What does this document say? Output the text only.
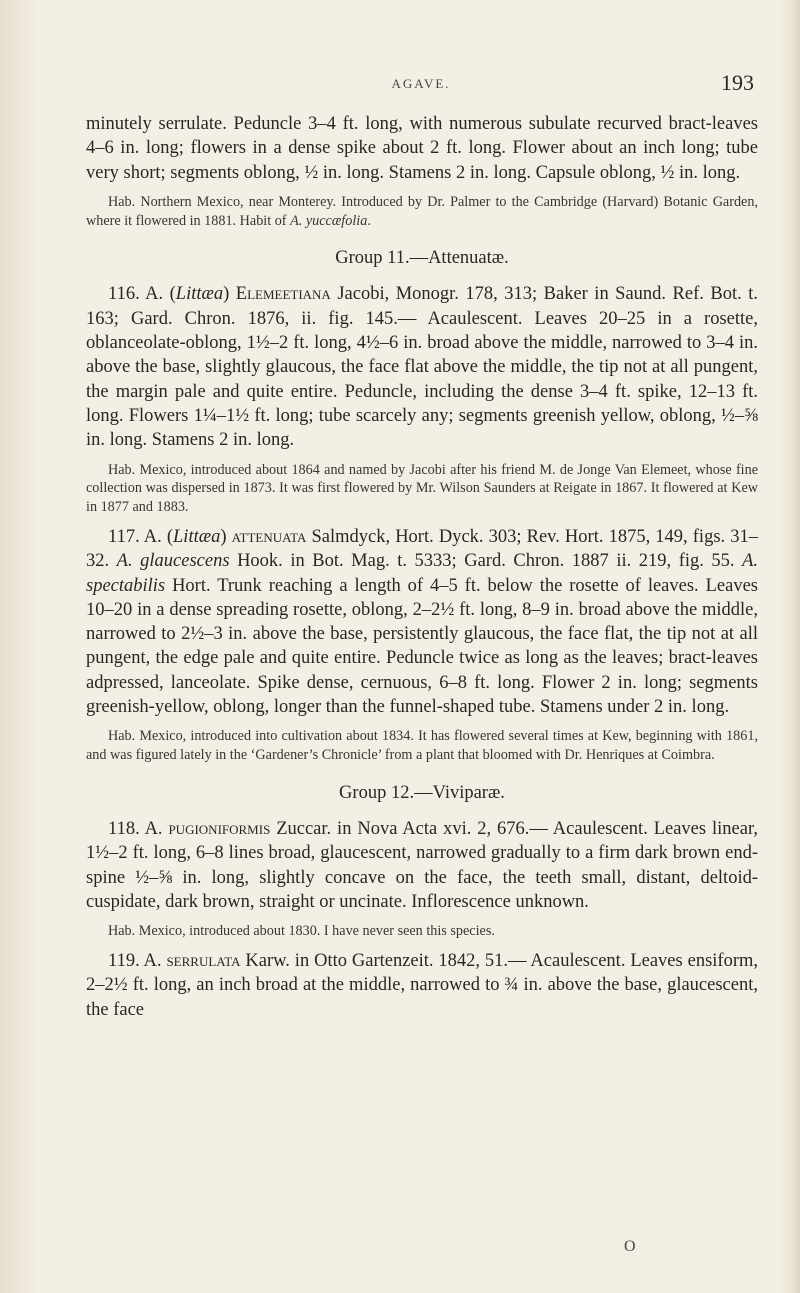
AGAVE.	193

minutely serrulate. Peduncle 3–4 ft. long, with numerous subulate recurved bract-leaves 4–6 in. long; flowers in a dense spike about 2 ft. long. Flower about an inch long; tube very short; segments oblong, ½ in. long. Stamens 2 in. long. Capsule oblong, ½ in. long.

Hab. Northern Mexico, near Monterey. Introduced by Dr. Palmer to the Cambridge (Harvard) Botanic Garden, where it flowered in 1881. Habit of A. yuccæfolia.

Group 11.—Attenuatæ.

116. A. (Littæa) Elemeetiana Jacobi, Monogr. 178, 313; Baker in Saund. Ref. Bot. t. 163; Gard. Chron. 1876, ii. fig. 145.— Acaulescent. Leaves 20–25 in a rosette, oblanceolate-oblong, 1½–2 ft. long, 4½–6 in. broad above the middle, narrowed to 3–4 in. above the base, slightly glaucous, the face flat above the middle, the tip not at all pungent, the margin pale and quite entire. Peduncle, including the dense 3–4 ft. spike, 12–13 ft. long. Flowers 1¼–1½ ft. long; tube scarcely any; segments greenish yellow, oblong, ½–⅝ in. long. Stamens 2 in. long.

Hab. Mexico, introduced about 1864 and named by Jacobi after his friend M. de Jonge Van Elemeet, whose fine collection was dispersed in 1873. It was first flowered by Mr. Wilson Saunders at Reigate in 1867. It flowered at Kew in 1877 and 1883.

117. A. (Littæa) attenuata Salmdyck, Hort. Dyck. 303; Rev. Hort. 1875, 149, figs. 31–32. A. glaucescens Hook. in Bot. Mag. t. 5333; Gard. Chron. 1887 ii. 219, fig. 55. A. spectabilis Hort. Trunk reaching a length of 4–5 ft. below the rosette of leaves. Leaves 10–20 in a dense spreading rosette, oblong, 2–2½ ft. long, 8–9 in. broad above the middle, narrowed to 2½–3 in. above the base, persistently glaucous, the face flat, the tip not at all pungent, the edge pale and quite entire. Peduncle twice as long as the leaves; bract-leaves adpressed, lanceolate. Spike dense, cernuous, 6–8 ft. long. Flower 2 in. long; segments greenish-yellow, oblong, longer than the funnel-shaped tube. Stamens under 2 in. long.

Hab. Mexico, introduced into cultivation about 1834. It has flowered several times at Kew, beginning with 1861, and was figured lately in the ‘Gardener’s Chronicle’ from a plant that bloomed with Dr. Henriques at Coimbra.

Group 12.—Viviparæ.

118. A. pugioniformis Zuccar. in Nova Acta xvi. 2, 676.— Acaulescent. Leaves linear, 1½–2 ft. long, 6–8 lines broad, glaucescent, narrowed gradually to a firm dark brown end-spine ½–⅝ in. long, slightly concave on the face, the teeth small, distant, deltoid-cuspidate, dark brown, straight or uncinate. Inflorescence unknown.

Hab. Mexico, introduced about 1830. I have never seen this species.

119. A. serrulata Karw. in Otto Gartenzeit. 1842, 51.— Acaulescent. Leaves ensiform, 2–2½ ft. long, an inch broad at the middle, narrowed to ¾ in. above the base, glaucescent, the face

O
